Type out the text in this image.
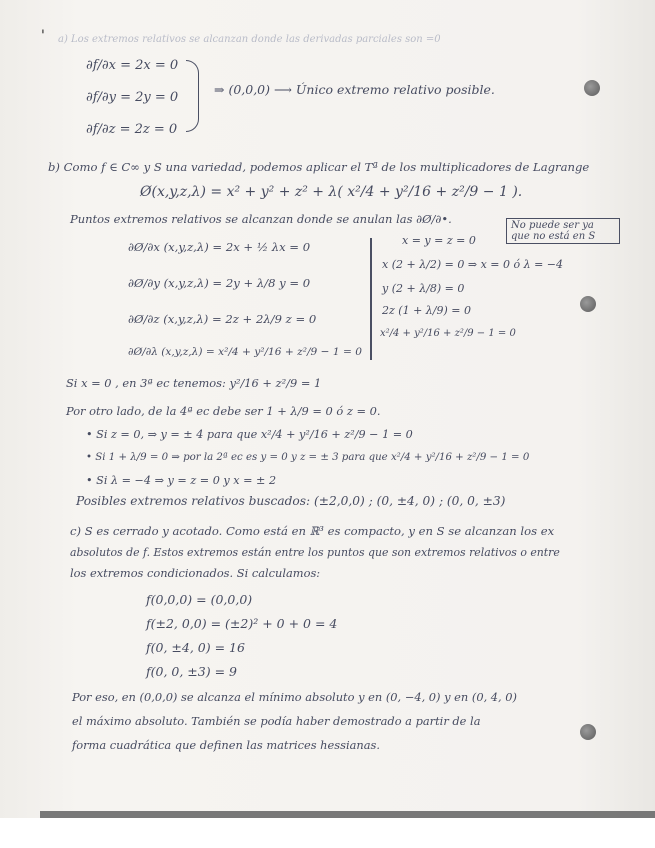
' a) Los extremos relativos se alcanzan donde las derivadas parciales son =0
∂f/∂x = 2x = 0
∂f/∂y = 2y = 0
∂f/∂z = 2z = 0
⇒ (0,0,0) ⟶ Único extremo relativo posible.
b) Como f ∈ C∞ y S una variedad, podemos aplicar el Tª de los multiplicadores de Lagrange
Ø(x,y,z,λ) = x² + y² + z² + λ( x²/4 + y²/16 + z²/9 − 1 ).
Puntos extremos relativos se alcanzan donde se anulan las ∂Ø/∂•.
∂Ø/∂x (x,y,z,λ) = 2x + ½ λx = 0
∂Ø/∂y (x,y,z,λ) = 2y + λ/8 y = 0
∂Ø/∂z (x,y,z,λ) = 2z + 2λ/9 z = 0
∂Ø/∂λ (x,y,z,λ) = x²/4 + y²/16 + z²/9 − 1 = 0
x = y = z = 0
No puede ser ya que no está en S
x (2 + λ/2) = 0 ⇒ x = 0 ó λ = −4
y (2 + λ/8) = 0
2z (1 + λ/9) = 0
x²/4 + y²/16 + z²/9 − 1 = 0
Si x = 0 , en 3ª ec tenemos: y²/16 + z²/9 = 1
Por otro lado, de la 4ª ec debe ser 1 + λ/9 = 0 ó z = 0.
• Si z = 0, ⇒ y = ± 4 para que x²/4 + y²/16 + z²/9 − 1 = 0
• Si 1 + λ/9 = 0 ⇒ por la 2ª ec es y = 0 y z = ± 3 para que x²/4 + y²/16 + z²/9 − 1 = 0
• Si λ = −4 ⇒ y = z = 0 y x = ± 2
Posibles extremos relativos buscados: (±2,0,0) ; (0, ±4, 0) ; (0, 0, ±3)
c) S es cerrado y acotado. Como está en ℝ³ es compacto, y en S se alcanzan los ex
absolutos de f. Estos extremos están entre los puntos que son extremos relativos o entre
los extremos condicionados. Si calculamos:
f(0,0,0) = (0,0,0)
f(±2, 0,0) = (±2)² + 0 + 0 = 4
f(0, ±4, 0) = 16
f(0, 0, ±3) = 9
Por eso, en (0,0,0) se alcanza el mínimo absoluto y en (0, −4, 0) y en (0, 4, 0)
el máximo absoluto. También se podía haber demostrado a partir de la
forma cuadrática que definen las matrices hessianas.
